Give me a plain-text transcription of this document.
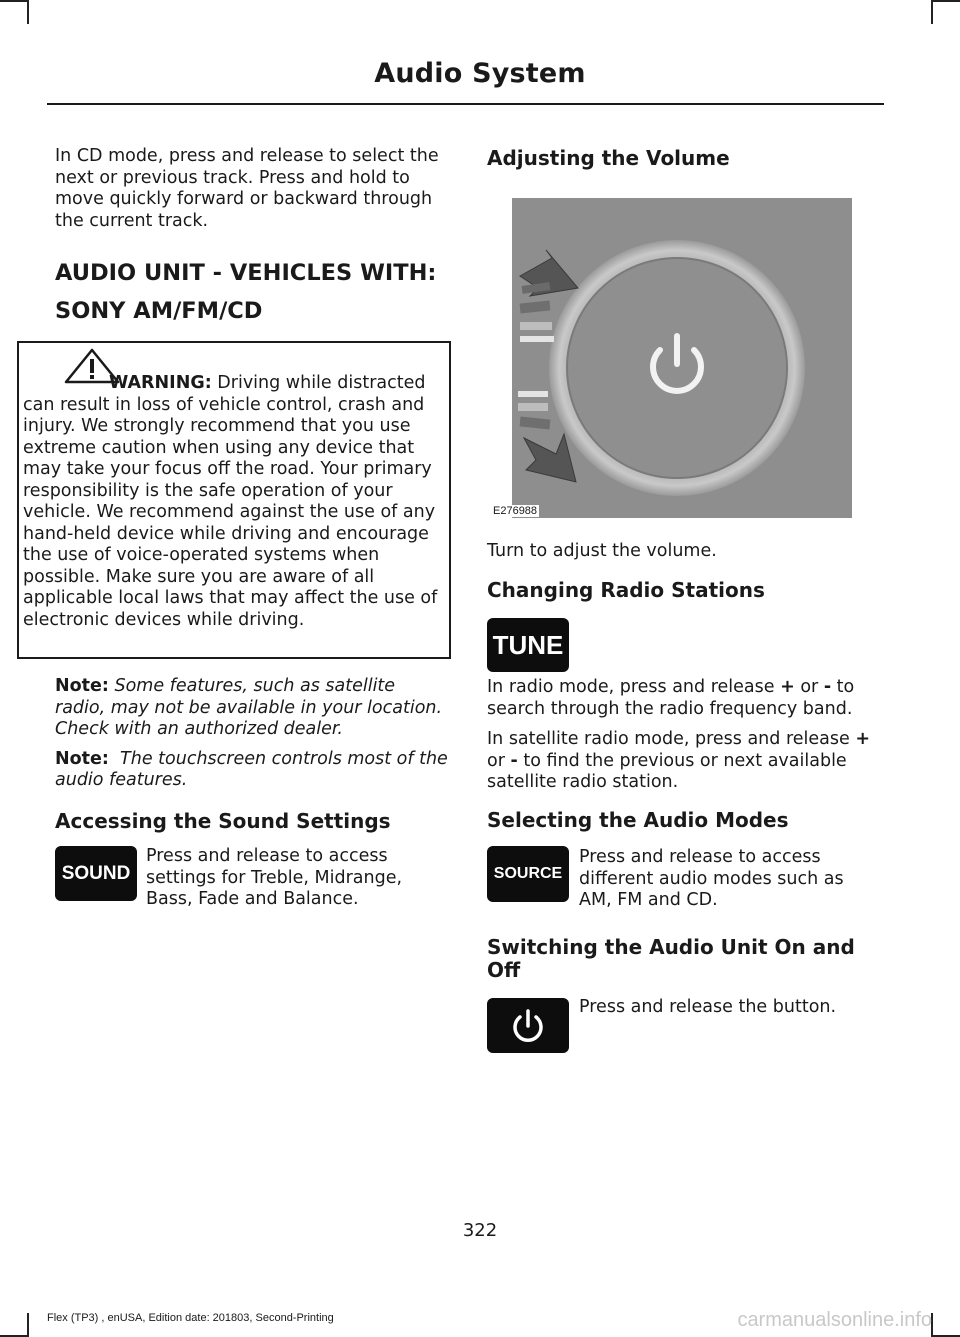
Audio System

In CD mode, press and release to select the next or previous track. Press and hold to move quickly forward or backward through the current track.

AUDIO UNIT - VEHICLES WITH:

SONY AM/FM/CD

WARNING: Driving while distracted can result in loss of vehicle control, crash and injury. We strongly recommend that you use extreme caution when using any device that may take your focus off the road. Your primary responsibility is the safe operation of your vehicle. We recommend against the use of any hand-held device while driving and encourage the use of voice-operated systems when possible. Make sure you are aware of all applicable local laws that may affect the use of electronic devices while driving.

Note: Some features, such as satellite radio, may not be available in your location. Check with an authorized dealer.

Note: The touchscreen controls most of the audio features.

Accessing the Sound Settings

SOUND

Press and release to access settings for Treble, Midrange, Bass, Fade and Balance.

Adjusting the Volume

E276988

Turn to adjust the volume.

Changing Radio Stations

TUNE

In radio mode, press and release + or - to search through the radio frequency band.

In satellite radio mode, press and release + or - to find the previous or next available satellite radio station.

Selecting the Audio Modes

SOURCE

Press and release to access different audio modes such as AM, FM and CD.

Switching the Audio Unit On and Off

Press and release the button.

322
Flex (TP3) , enUSA, Edition date: 201803, Second-Printing	carmanualsonline.info
